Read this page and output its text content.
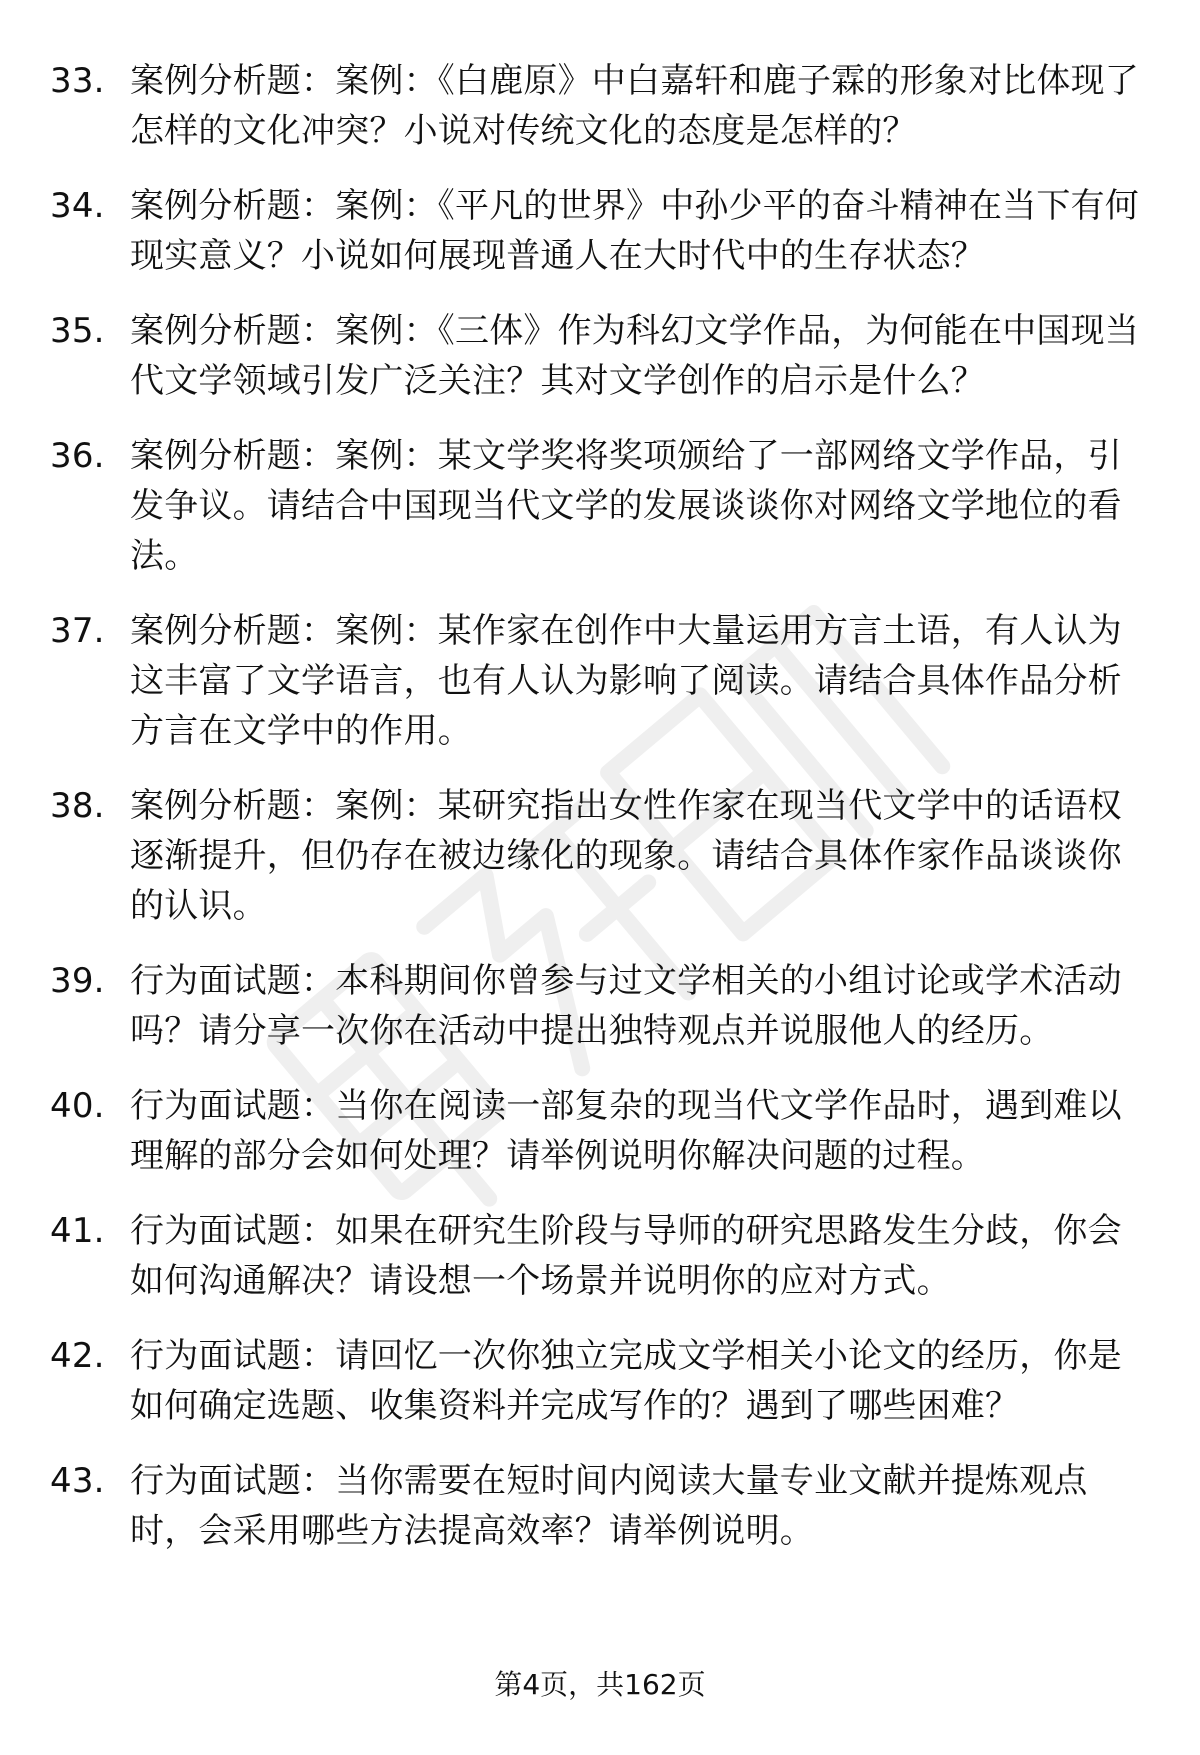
33. 案例分析题：案例：《白鹿原》中白嘉轩和鹿子霖的形象对比体现了怎样的文化冲突？小说对传统文化的态度是怎样的？
34. 案例分析题：案例：《平凡的世界》中孙少平的奋斗精神在当下有何现实意义？小说如何展现普通人在大时代中的生存状态？
35. 案例分析题：案例：《三体》作为科幻文学作品，为何能在中国现当代文学领域引发广泛关注？其对文学创作的启示是什么？
36. 案例分析题：案例：某文学奖将奖项颁给了一部网络文学作品，引发争议。请结合中国现当代文学的发展谈谈你对网络文学地位的看法。
37. 案例分析题：案例：某作家在创作中大量运用方言土语，有人认为这丰富了文学语言，也有人认为影响了阅读。请结合具体作品分析方言在文学中的作用。
38. 案例分析题：案例：某研究指出女性作家在现当代文学中的话语权逐渐提升，但仍存在被边缘化的现象。请结合具体作家作品谈谈你的认识。
39. 行为面试题：本科期间你曾参与过文学相关的小组讨论或学术活动吗？请分享一次你在活动中提出独特观点并说服他人的经历。
40. 行为面试题：当你在阅读一部复杂的现当代文学作品时，遇到难以理解的部分会如何处理？请举例说明你解决问题的过程。
41. 行为面试题：如果在研究生阶段与导师的研究思路发生分歧，你会如何沟通解决？请设想一个场景并说明你的应对方式。
42. 行为面试题：请回忆一次你独立完成文学相关小论文的经历，你是如何确定选题、收集资料并完成写作的？遇到了哪些困难？
43. 行为面试题：当你需要在短时间内阅读大量专业文献并提炼观点时，会采用哪些方法提高效率？请举例说明。
第4页，共162页
